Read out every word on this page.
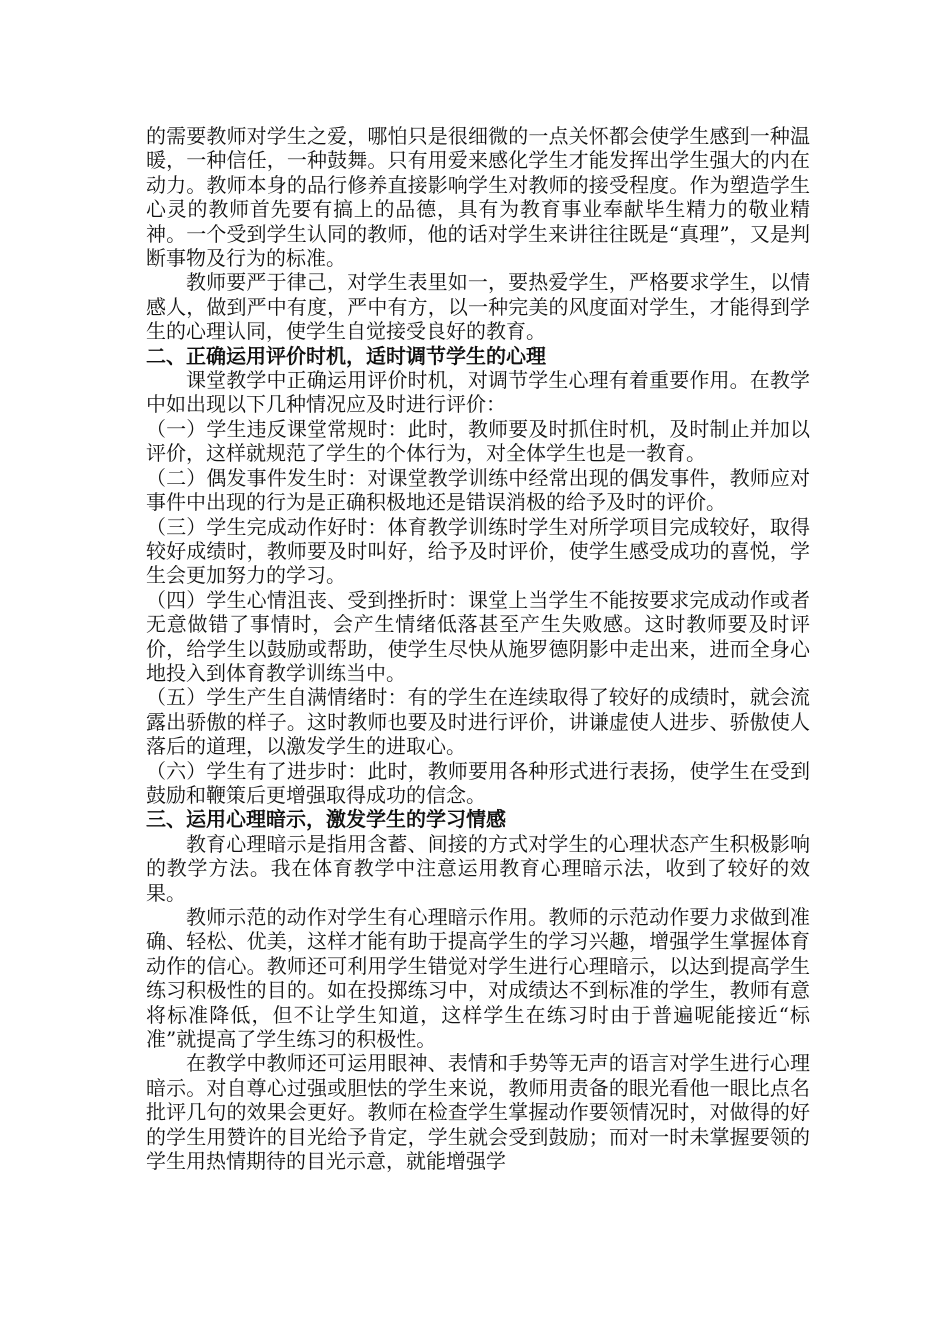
的需要教师对学生之爱，哪怕只是很细微的一点关怀都会使学生感到一种温暖，一种信任，一种鼓舞。只有用爱来感化学生才能发挥出学生强大的内在动力。教师本身的品行修养直接影响学生对教师的接受程度。作为塑造学生心灵的教师首先要有搞上的品德，具有为教育事业奉献毕生精力的敬业精神。一个受到学生认同的教师，他的话对学生来讲往往既是“真理”，又是判断事物及行为的标准。

教师要严于律己，对学生表里如一，要热爱学生，严格要求学生，以情感人，做到严中有度，严中有方，以一种完美的风度面对学生，才能得到学生的心理认同，使学生自觉接受良好的教育。

二、正确运用评价时机，适时调节学生的心理

课堂教学中正确运用评价时机，对调节学生心理有着重要作用。在教学中如出现以下几种情况应及时进行评价：

（一）学生违反课堂常规时：此时，教师要及时抓住时机，及时制止并加以评价，这样就规范了学生的个体行为，对全体学生也是一教育。

（二）偶发事件发生时：对课堂教学训练中经常出现的偶发事件，教师应对事件中出现的行为是正确积极地还是错误消极的给予及时的评价。

（三）学生完成动作好时：体育教学训练时学生对所学项目完成较好，取得较好成绩时，教师要及时叫好，给予及时评价，使学生感受成功的喜悦，学生会更加努力的学习。

（四）学生心情沮丧、受到挫折时：课堂上当学生不能按要求完成动作或者无意做错了事情时，会产生情绪低落甚至产生失败感。这时教师要及时评价，给学生以鼓励或帮助，使学生尽快从施罗德阴影中走出来，进而全身心地投入到体育教学训练当中。

（五）学生产生自满情绪时：有的学生在连续取得了较好的成绩时，就会流露出骄傲的样子。这时教师也要及时进行评价，讲谦虚使人进步、骄傲使人落后的道理，以激发学生的进取心。

（六）学生有了进步时：此时，教师要用各种形式进行表扬，使学生在受到鼓励和鞭策后更增强取得成功的信念。

三、运用心理暗示，激发学生的学习情感

教育心理暗示是指用含蓄、间接的方式对学生的心理状态产生积极影响的教学方法。我在体育教学中注意运用教育心理暗示法，收到了较好的效果。

教师示范的动作对学生有心理暗示作用。教师的示范动作要力求做到准确、轻松、优美，这样才能有助于提高学生的学习兴趣，增强学生掌握体育动作的信心。教师还可利用学生错觉对学生进行心理暗示，以达到提高学生练习积极性的目的。如在投掷练习中，对成绩达不到标准的学生，教师有意将标准降低，但不让学生知道，这样学生在练习时由于普遍呢能接近“标准”就提高了学生练习的积极性。

在教学中教师还可运用眼神、表情和手势等无声的语言对学生进行心理暗示。对自尊心过强或胆怯的学生来说，教师用责备的眼光看他一眼比点名批评几句的效果会更好。教师在检查学生掌握动作要领情况时，对做得的好的学生用赞许的目光给予肯定，学生就会受到鼓励；而对一时未掌握要领的学生用热情期待的目光示意，就能增强学
